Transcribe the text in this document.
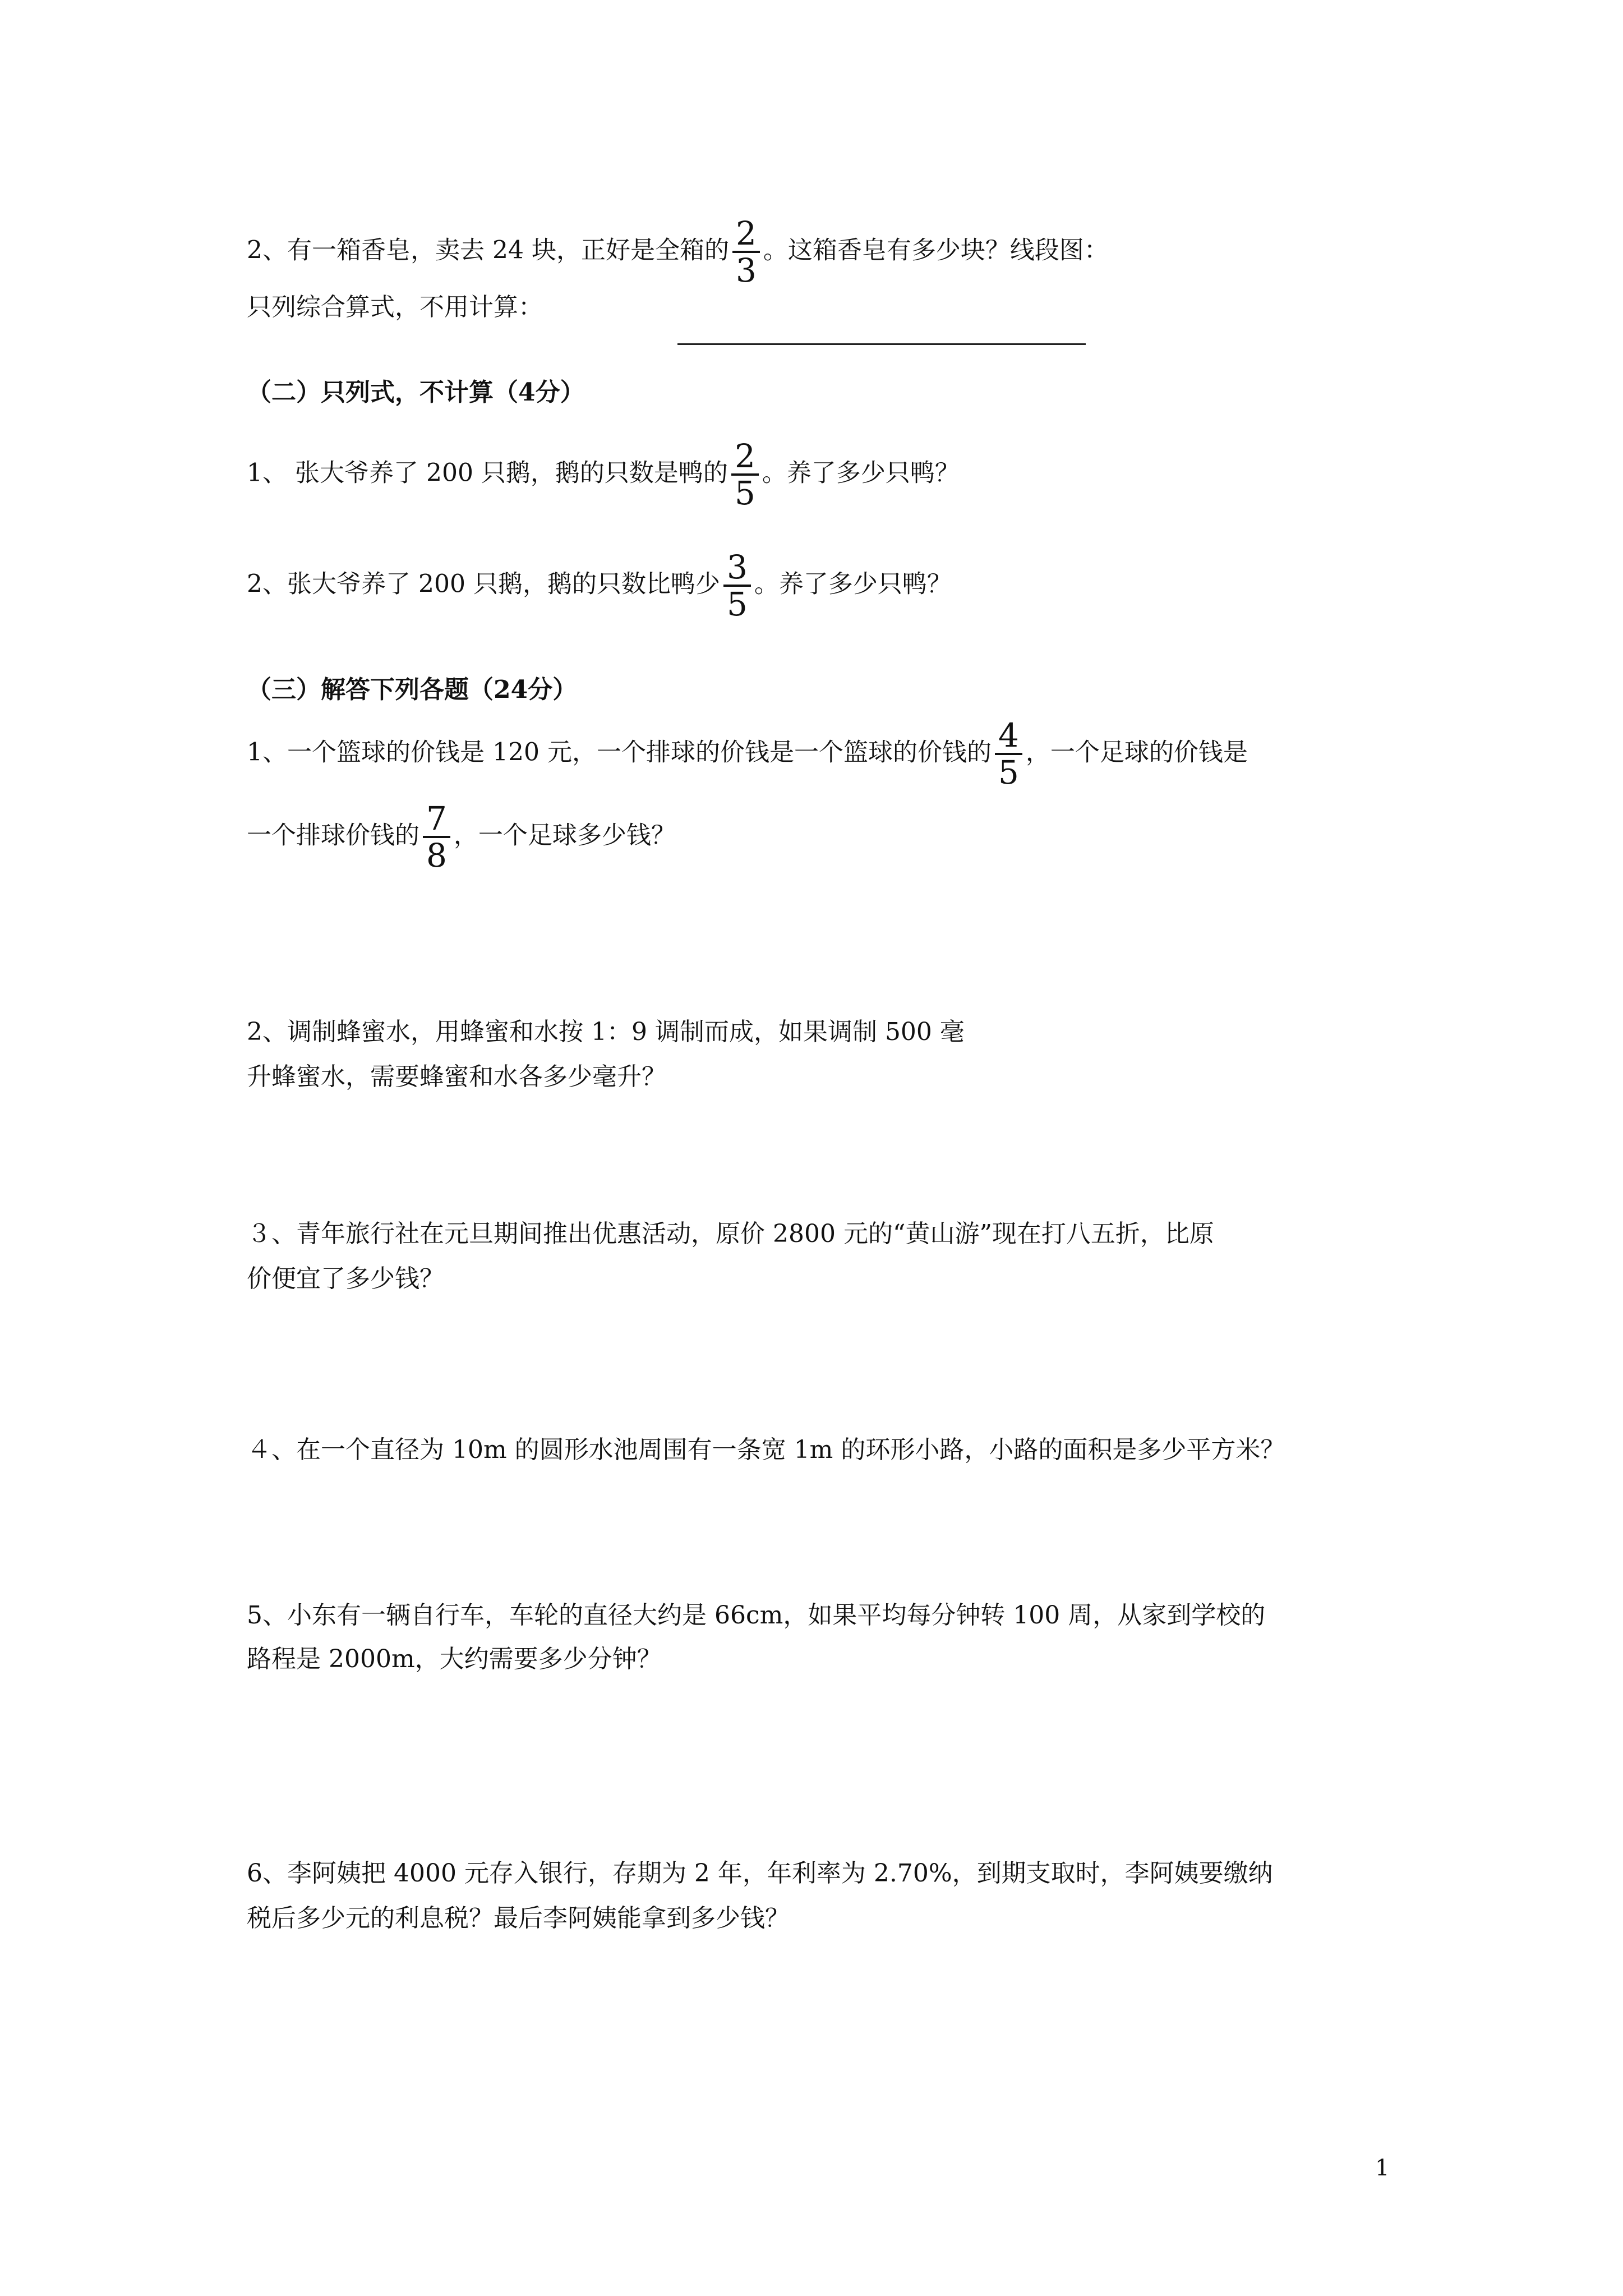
2、有一箱香皂，卖去 24 块，正好是全箱的 $\frac{2}{3}$ 。这箱香皂有多少块？线段图：
只列综合算式，不用计算：
（二）只列式，不计算（4分）
1、 张大爷养了 200 只鹅，鹅的只数是鸭的 $\frac{2}{5}$ 。养了多少只鸭？
2、张大爷养了 200 只鹅，鹅的只数比鸭少 $\frac{3}{5}$ 。养了多少只鸭？
（三）解答下列各题（24分）
1、一个篮球的价钱是 120 元，一个排球的价钱是一个篮球的价钱的 $\frac{4}{5}$ ，一个足球的价钱是
一个排球价钱的 $\frac{7}{8}$ ，一个足球多少钱？
2、调制蜂蜜水，用蜂蜜和水按 1：9 调制而成，如果调制 500 毫
升蜂蜜水，需要蜂蜜和水各多少毫升？
３、青年旅行社在元旦期间推出优惠活动，原价 2800 元的“黄山游”现在打八五折，比原
价便宜了多少钱？
４、在一个直径为 10m 的圆形水池周围有一条宽 1m 的环形小路，小路的面积是多少平方米？
5、小东有一辆自行车，车轮的直径大约是 66cm，如果平均每分钟转 100 周，从家到学校的
路程是 2000m，大约需要多少分钟？
6、李阿姨把 4000 元存入银行，存期为 2 年，年利率为 2.70%，到期支取时，李阿姨要缴纳
税后多少元的利息税？最后李阿姨能拿到多少钱？
1
